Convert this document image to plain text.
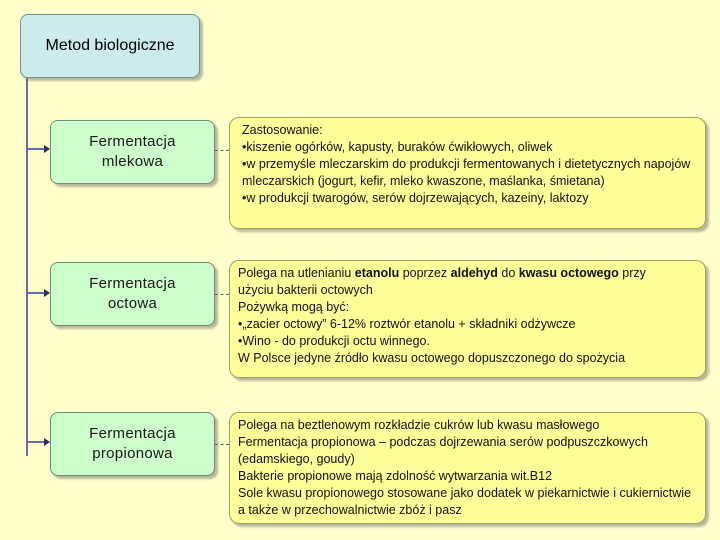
Metod biologiczne
Fermentacja
mlekowa
Zastosowanie:
•kiszenie ogórków, kapusty, buraków ćwikłowych, oliwek
•w przemyśle mleczarskim do produkcji fermentowanych i dietetycznych napojów mleczarskich (jogurt, kefir, mleko kwaszone, maślanka, śmietana)
•w produkcji twarogów, serów dojrzewających, kazeiny, laktozy
Fermentacja
octowa
Polega na utlenianiu etanolu poprzez aldehyd do kwasu octowego przy
użyciu bakterii octowych
Pożywką mogą być:
•„zacier octowy” 6-12% roztwór etanolu + składniki odżywcze
•Wino - do produkcji octu winnego.
W Polsce jedyne źródło kwasu octowego dopuszczonego do spożycia
Fermentacja
propionowa
Polega na beztlenowym rozkładzie cukrów lub kwasu masłowego
Fermentacja propionowa – podczas dojrzewania serów podpuszczkowych (edamskiego, goudy)
Bakterie propionowe mają zdolność wytwarzania wit.B12
Sole kwasu propionowego stosowane jako dodatek w piekarnictwie i cukiernictwie a także w przechowalnictwie zbóż i pasz
